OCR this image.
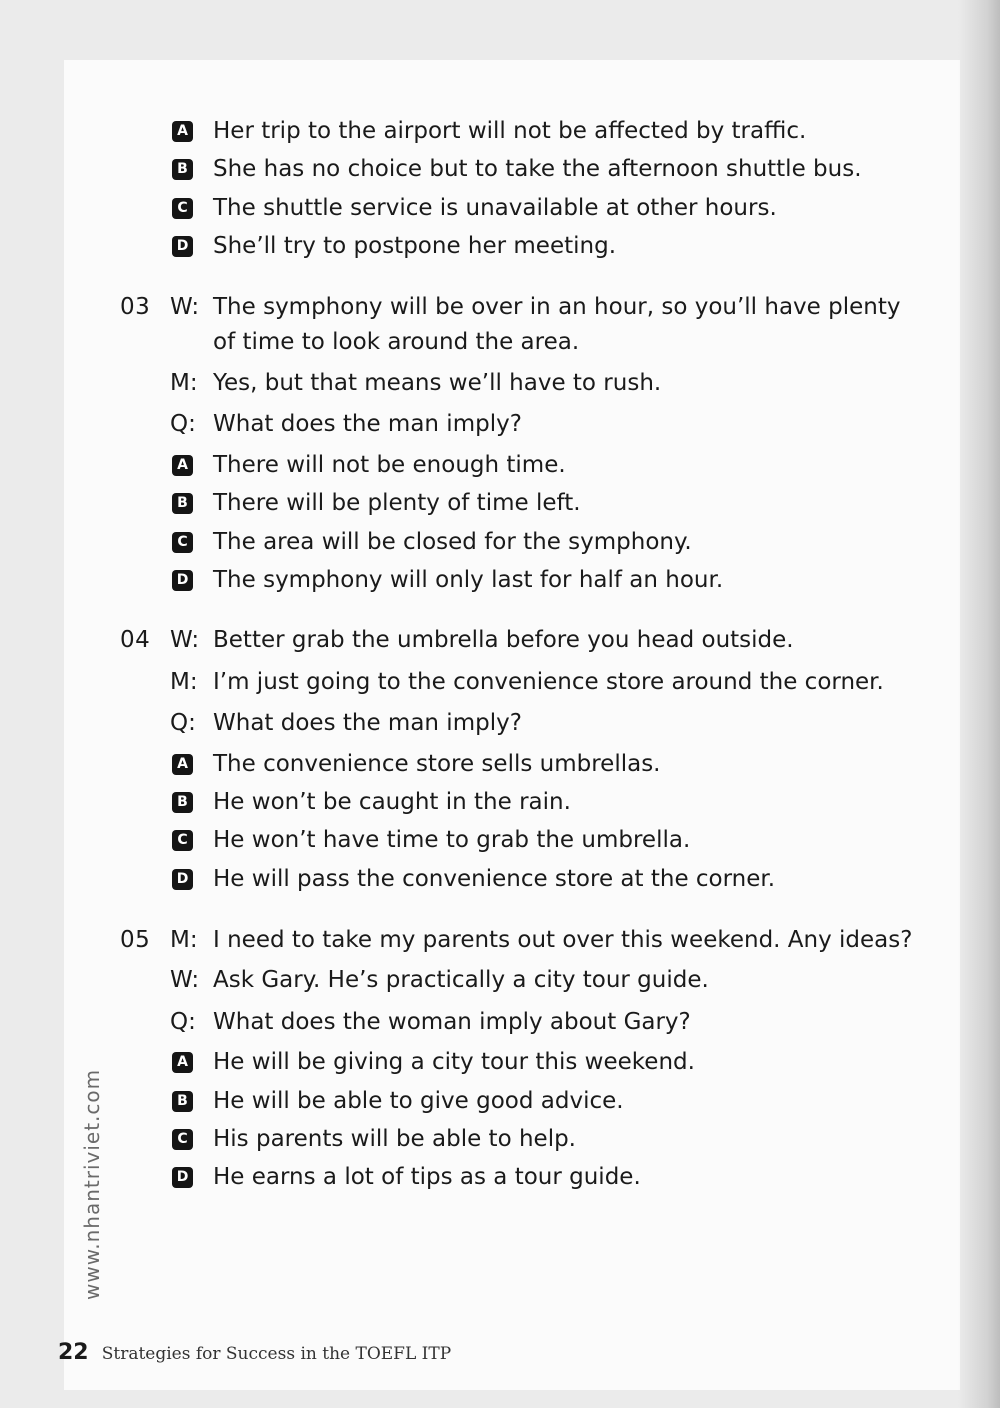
A Her trip to the airport will not be affected by traffic.
B She has no choice but to take the afternoon shuttle bus.
C The shuttle service is unavailable at other hours.
D She’ll try to postpone her meeting.
03 W: The symphony will be over in an hour, so you’ll have plenty
of time to look around the area.
M: Yes, but that means we’ll have to rush.
Q: What does the man imply?
A There will not be enough time.
B There will be plenty of time left.
C The area will be closed for the symphony.
D The symphony will only last for half an hour.
04 W: Better grab the umbrella before you head outside.
M: I’m just going to the convenience store around the corner.
Q: What does the man imply?
A The convenience store sells umbrellas.
B He won’t be caught in the rain.
C He won’t have time to grab the umbrella.
D He will pass the convenience store at the corner.
05 M: I need to take my parents out over this weekend. Any ideas?
W: Ask Gary. He’s practically a city tour guide.
Q: What does the woman imply about Gary?
A He will be giving a city tour this weekend.
B He will be able to give good advice.
C His parents will be able to help.
D He earns a lot of tips as a tour guide.
www.nhantriviet.com
22 Strategies for Success in the TOEFL ITP
